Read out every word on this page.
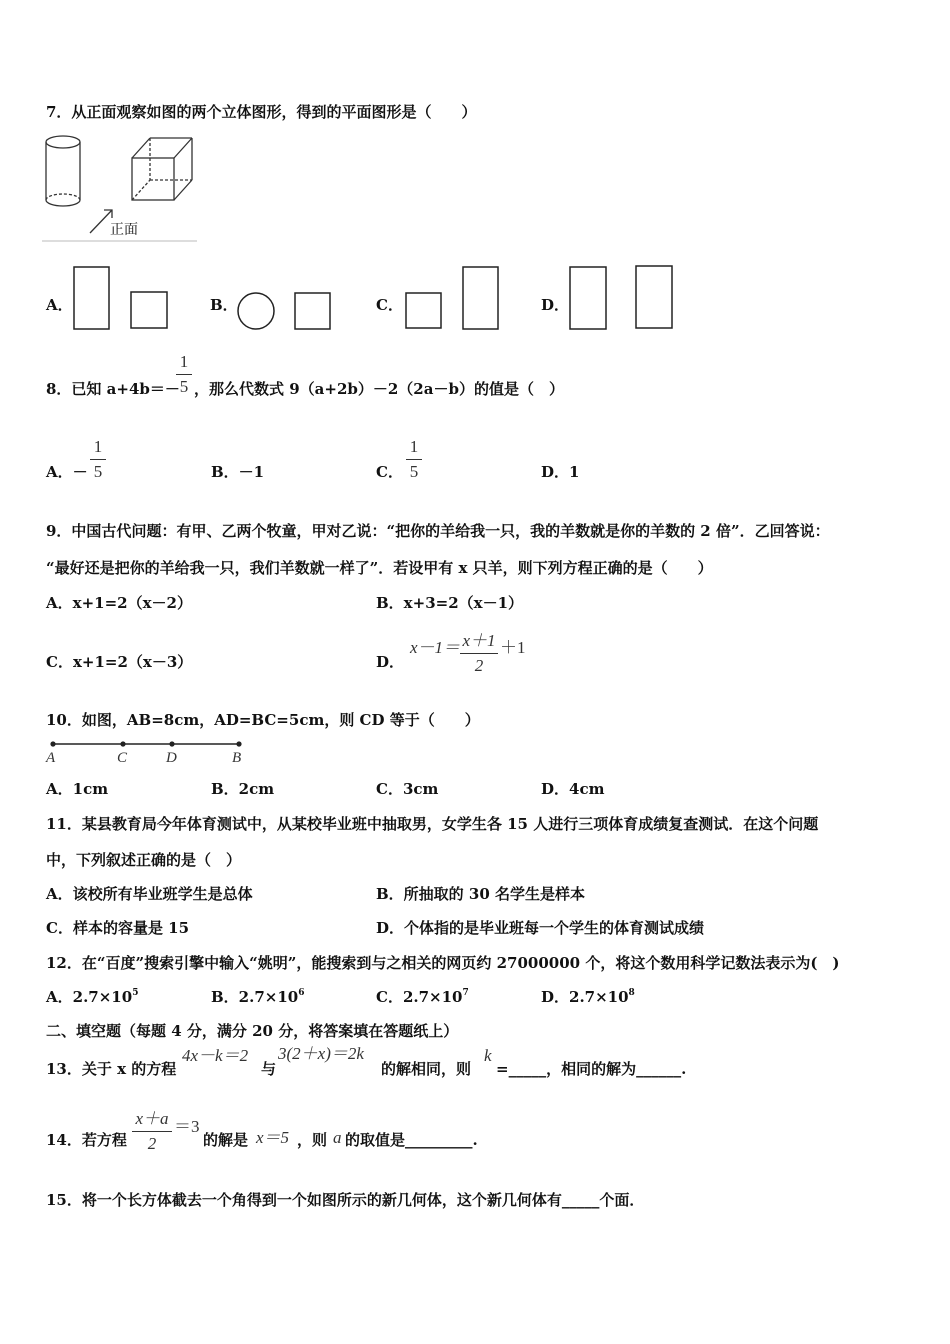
7．从正面观察如图的两个立体图形，得到的平面图形是（　　）
正面
A．	B．	C．	D．
8．已知 a+4b＝－
1
5 ，那么代数式 9（a+2b）－2（2a－b）的值是（　）
A．－
1
5	B．－1	C．
1
5	D．1
9．中国古代问题：有甲、乙两个牧童，甲对乙说：“把你的羊给我一只，我的羊数就是你的羊数的 2 倍”．乙回答说：
“最好还是把你的羊给我一只，我们羊数就一样了”．若设甲有 x 只羊，则下列方程正确的是（　　）
A．x+1=2（x－2）	B．x+3=2（x－1）
C．x+1=2（x－3）	D．
x－1＝ x＋1
2
＋1
10．如图，AB=8cm，AD=BC=5cm，则 CD 等于（　　）
A	C	D	B
A．1cm	B．2cm	C．3cm	D．4cm
11．某县教育局今年体育测试中，从某校毕业班中抽取男，女学生各 15 人进行三项体育成绩复查测试．在这个问题
中，下列叙述正确的是（　）
A．该校所有毕业班学生是总体	B．所抽取的 30 名学生是样本
C．样本的容量是 15	D．个体指的是毕业班每一个学生的体育测试成绩
12．在“百度”搜索引擎中输入“姚明”，能搜索到与之相关的网页约 27000000 个，将这个数用科学记数法表示为(　)
A．$2.7\times 10^5$	B．$2.7\times 10^6$	C．$2.7\times 10^7$	D．$2.7\times 10^8$
二、填空题（每题 4 分，满分 20 分，将答案填在答题纸上）
13．关于 x 的方程
4x－k＝2
与
3(2＋x)＝2k
的解相同，则
k
=_____，相同的解为______.
14．若方程
x＋a
2
＝3
的解是 x＝5 ，则 a 的取值是_________.
15．将一个长方体截去一个角得到一个如图所示的新几何体，这个新几何体有_____个面．
